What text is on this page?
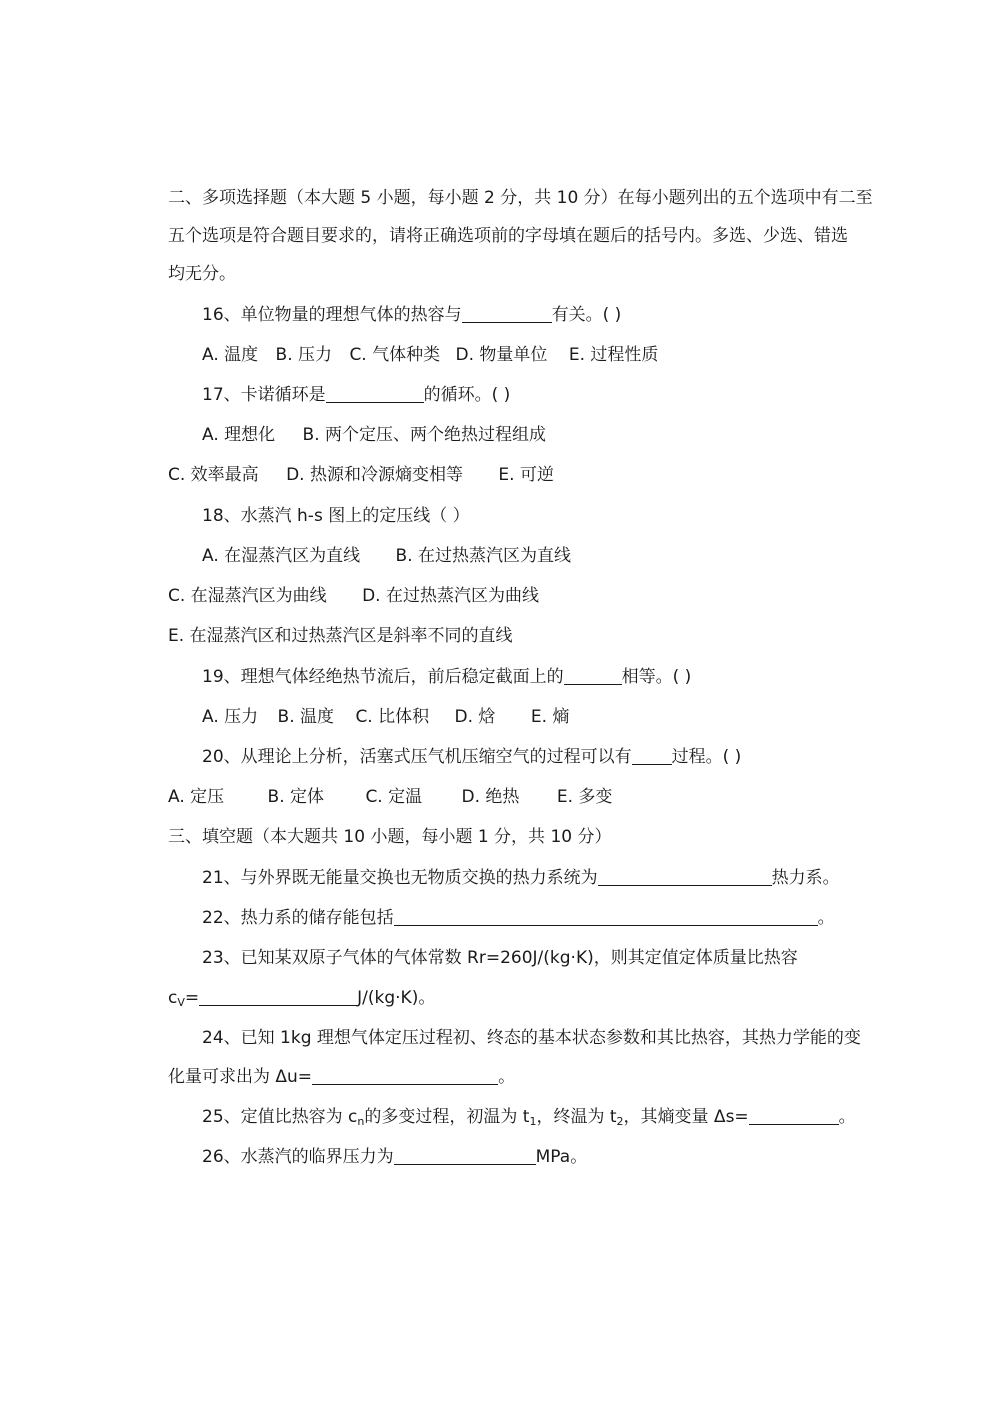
二、多项选择题（本大题 5 小题，每小题 2 分，共 10 分）在每小题列出的五个选项中有二至
五个选项是符合题目要求的，请将正确选项前的字母填在题后的括号内。多选、少选、错选
均无分。
16、单位物量的理想气体的热容与	有关。( )
A. 温度 B. 压力 C. 气体种类 D. 物量单位 E. 过程性质
17、卡诺循环是	的循环。( )
A. 理想化 B. 两个定压、两个绝热过程组成
C. 效率最高 D. 热源和冷源熵变相等 E. 可逆
18、水蒸汽 h-s 图上的定压线（ ）
A. 在湿蒸汽区为直线 B. 在过热蒸汽区为直线
C. 在湿蒸汽区为曲线 D. 在过热蒸汽区为曲线
E. 在湿蒸汽区和过热蒸汽区是斜率不同的直线
19、理想气体经绝热节流后，前后稳定截面上的	相等。( )
A. 压力 B. 温度 C. 比体积 D. 焓 E. 熵
20、从理论上分析，活塞式压气机压缩空气的过程可以有 过程。( )
A. 定压	B. 定体 C. 定温 D. 绝热 E. 多变
三、填空题（本大题共 10 小题，每小题 1 分，共 10 分）
21、与外界既无能量交换也无物质交换的热力系统为	热力系。
22、热力系的储存能包括	。
23、已知某双原子气体的气体常数 Rr=260J/(kg·K)，则其定值定体质量比热容
$c_V=$	J/(kg·K)。
24、已知 1kg 理想气体定压过程初、终态的基本状态参数和其比热容，其热力学能的变
化量可求出为 Δu=	。
25、定值比热容为 $c_n$的多变过程，初温为 $t_1$，终温为 $t_2$，其熵变量 Δs=	。
26、水蒸汽的临界压力为	MPa。
